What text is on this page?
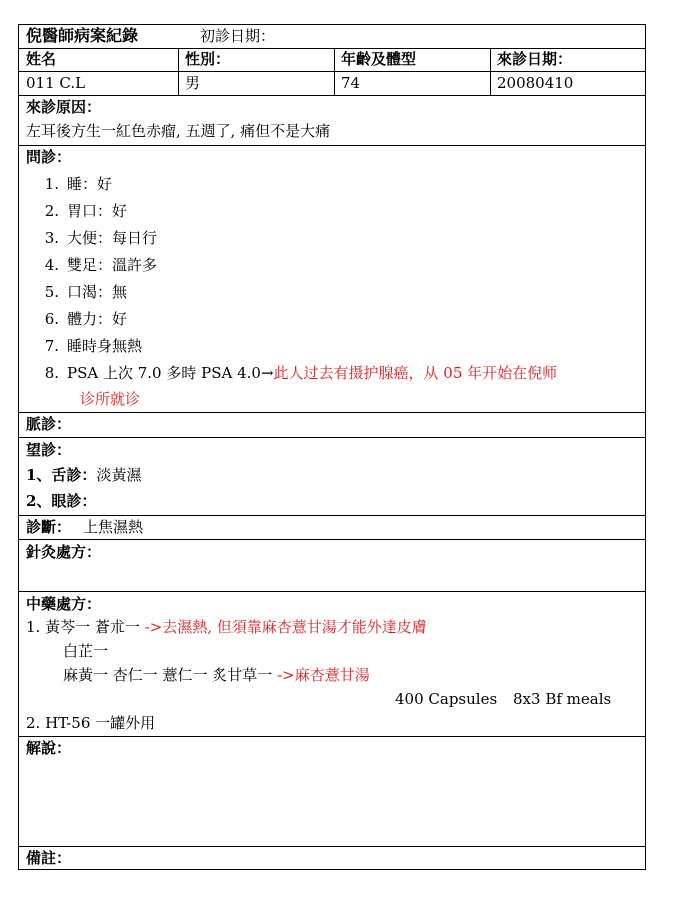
倪醫師病案紀錄	初診日期：
姓名	性別：	年齡及體型	來診日期：
011 C.L	男	74	20080410
來診原因：
左耳後方生一紅色赤瘤, 五週了, 痛但不是大痛
問診：
1. 睡：好
2. 胃口：好
3. 大便：每日行
4. 雙足：溫許多
5. 口渴：無
6. 體力：好
7. 睡時身無熱
8. PSA 上次 7.0 多時 PSA 4.0→此人过去有摄护腺癌，从 05 年开始在倪师
诊所就诊
脈診：
望診：
1、舌診：淡黃濕
2、眼診：
診斷： 上焦濕熱
針灸處方：
中藥處方：
1. 黃芩一 蒼朮一 ->去濕熱, 但須靠麻杏薏甘湯才能外達皮膚
白芷一
麻黃一 杏仁一 薏仁一 炙甘草一 ->麻杏薏甘湯
400 Capsules 8x3 Bf meals
2. HT-56 一罐外用
解說：
備註：
